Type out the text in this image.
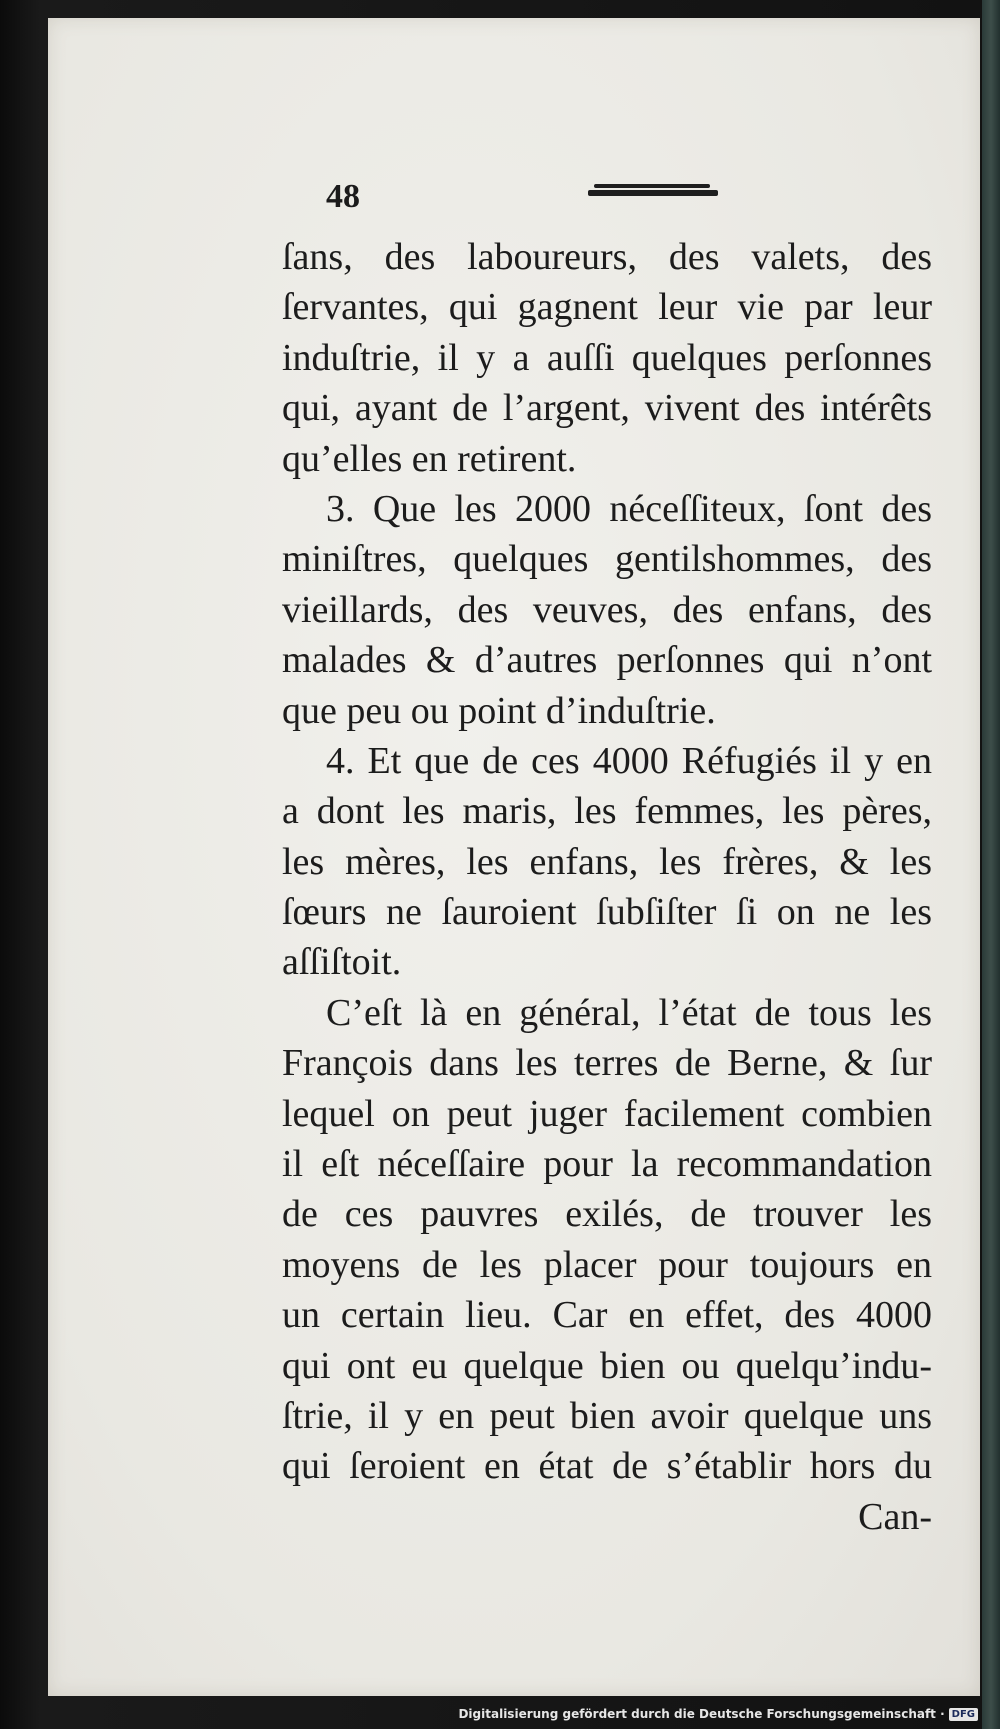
48
ſans, des laboureurs, des valets, des
ſervantes, qui gagnent leur vie par leur
induſtrie, il y a auſſi quelques perſonnes
qui, ayant de l’argent, vivent des intérêts
qu’elles en retirent.
3. Que les 2000 néceſſiteux, ſont des
miniſtres, quelques gentilshommes, des
vieillards, des veuves, des enfans, des
malades & d’autres perſonnes qui n’ont
que peu ou point d’induſtrie.
4. Et que de ces 4000 Réfugiés il y en
a dont les maris, les femmes, les pères,
les mères, les enfans, les frères, & les
ſœurs ne ſauroient ſubſiſter ſi on ne les
aſſiſtoit.
C’eſt là en général, l’état de tous les
François dans les terres de Berne, & ſur
lequel on peut juger facilement combien
il eſt néceſſaire pour la recommandation
de ces pauvres exilés, de trouver les
moyens de les placer pour toujours en
un certain lieu. Car en effet, des 4000
qui ont eu quelque bien ou quelqu’indu-
ſtrie, il y en peut bien avoir quelque uns
qui ſeroient en état de s’établir hors du
Can-
Digitalisierung gefördert durch die Deutsche Forschungsgemeinschaft · DFG
